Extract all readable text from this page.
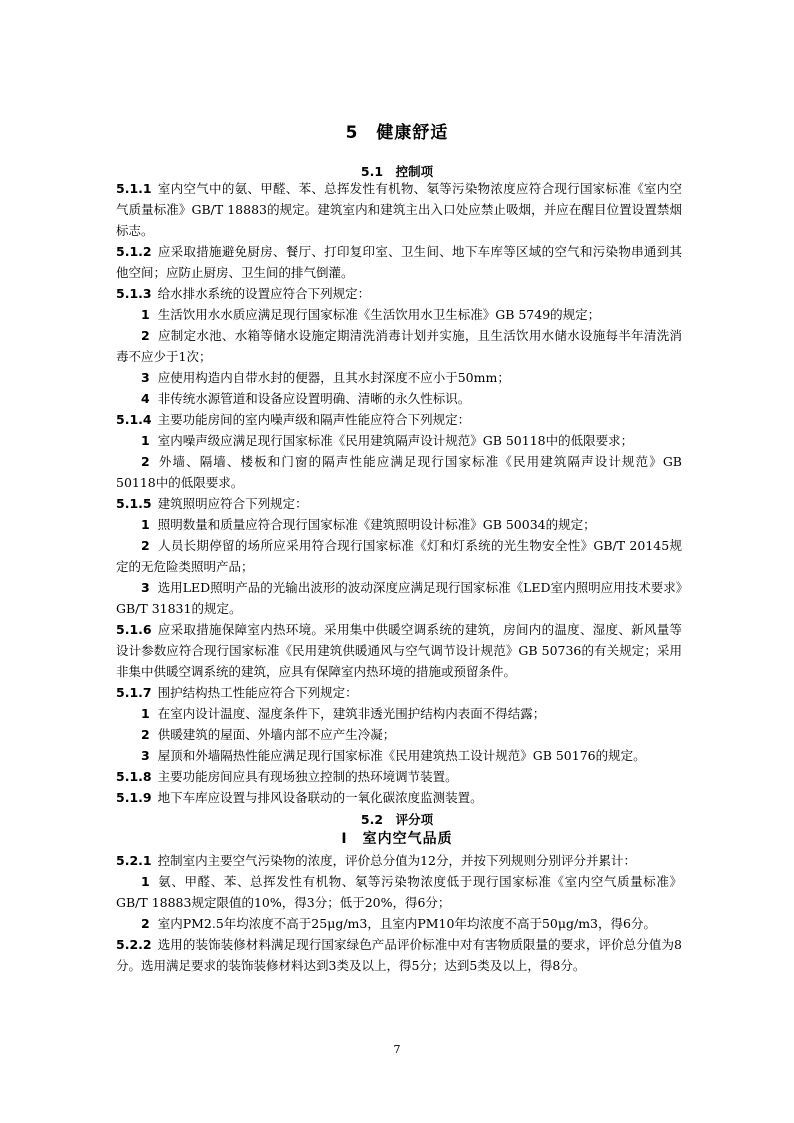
5　健康舒适
5.1　控制项

5.1.1 室内空气中的氨、甲醛、苯、总挥发性有机物、氡等污染物浓度应符合现行国家标准《室内空气质量标准》GB/T 18883的规定。建筑室内和建筑主出入口处应禁止吸烟，并应在醒目位置设置禁烟标志。

5.1.2 应采取措施避免厨房、餐厅、打印复印室、卫生间、地下车库等区域的空气和污染物串通到其他空间；应防止厨房、卫生间的排气倒灌。

5.1.3 给水排水系统的设置应符合下列规定：

1 生活饮用水水质应满足现行国家标准《生活饮用水卫生标准》GB 5749的规定；

2 应制定水池、水箱等储水设施定期清洗消毒计划并实施，且生活饮用水储水设施每半年清洗消毒不应少于1次；

3 应使用构造内自带水封的便器，且其水封深度不应小于50mm；

4 非传统水源管道和设备应设置明确、清晰的永久性标识。

5.1.4 主要功能房间的室内噪声级和隔声性能应符合下列规定：

1 室内噪声级应满足现行国家标准《民用建筑隔声设计规范》GB 50118中的低限要求；

2 外墙、隔墙、楼板和门窗的隔声性能应满足现行国家标准《民用建筑隔声设计规范》GB 50118中的低限要求。

5.1.5 建筑照明应符合下列规定：

1 照明数量和质量应符合现行国家标准《建筑照明设计标准》GB 50034的规定；

2 人员长期停留的场所应采用符合现行国家标准《灯和灯系统的光生物安全性》GB/T 20145规定的无危险类照明产品；

3 选用LED照明产品的光输出波形的波动深度应满足现行国家标准《LED室内照明应用技术要求》GB/T 31831的规定。

5.1.6 应采取措施保障室内热环境。采用集中供暖空调系统的建筑，房间内的温度、湿度、新风量等设计参数应符合现行国家标准《民用建筑供暖通风与空气调节设计规范》GB 50736的有关规定；采用非集中供暖空调系统的建筑，应具有保障室内热环境的措施或预留条件。

5.1.7 围护结构热工性能应符合下列规定：

1 在室内设计温度、湿度条件下，建筑非透光围护结构内表面不得结露；

2 供暖建筑的屋面、外墙内部不应产生冷凝；

3 屋顶和外墙隔热性能应满足现行国家标准《民用建筑热工设计规范》GB 50176的规定。

5.1.8 主要功能房间应具有现场独立控制的热环境调节装置。

5.1.9 地下车库应设置与排风设备联动的一氧化碳浓度监测装置。

5.2　评分项
Ⅰ　室内空气品质

5.2.1 控制室内主要空气污染物的浓度，评价总分值为12分，并按下列规则分别评分并累计：

1 氨、甲醛、苯、总挥发性有机物、氡等污染物浓度低于现行国家标准《室内空气质量标准》GB/T 18883规定限值的10%，得3分；低于20%，得6分；

2 室内PM2.5年均浓度不高于25μg/m3，且室内PM10年均浓度不高于50μg/m3，得6分。

5.2.2 选用的装饰装修材料满足现行国家绿色产品评价标准中对有害物质限量的要求，评价总分值为8分。选用满足要求的装饰装修材料达到3类及以上，得5分；达到5类及以上，得8分。

7
